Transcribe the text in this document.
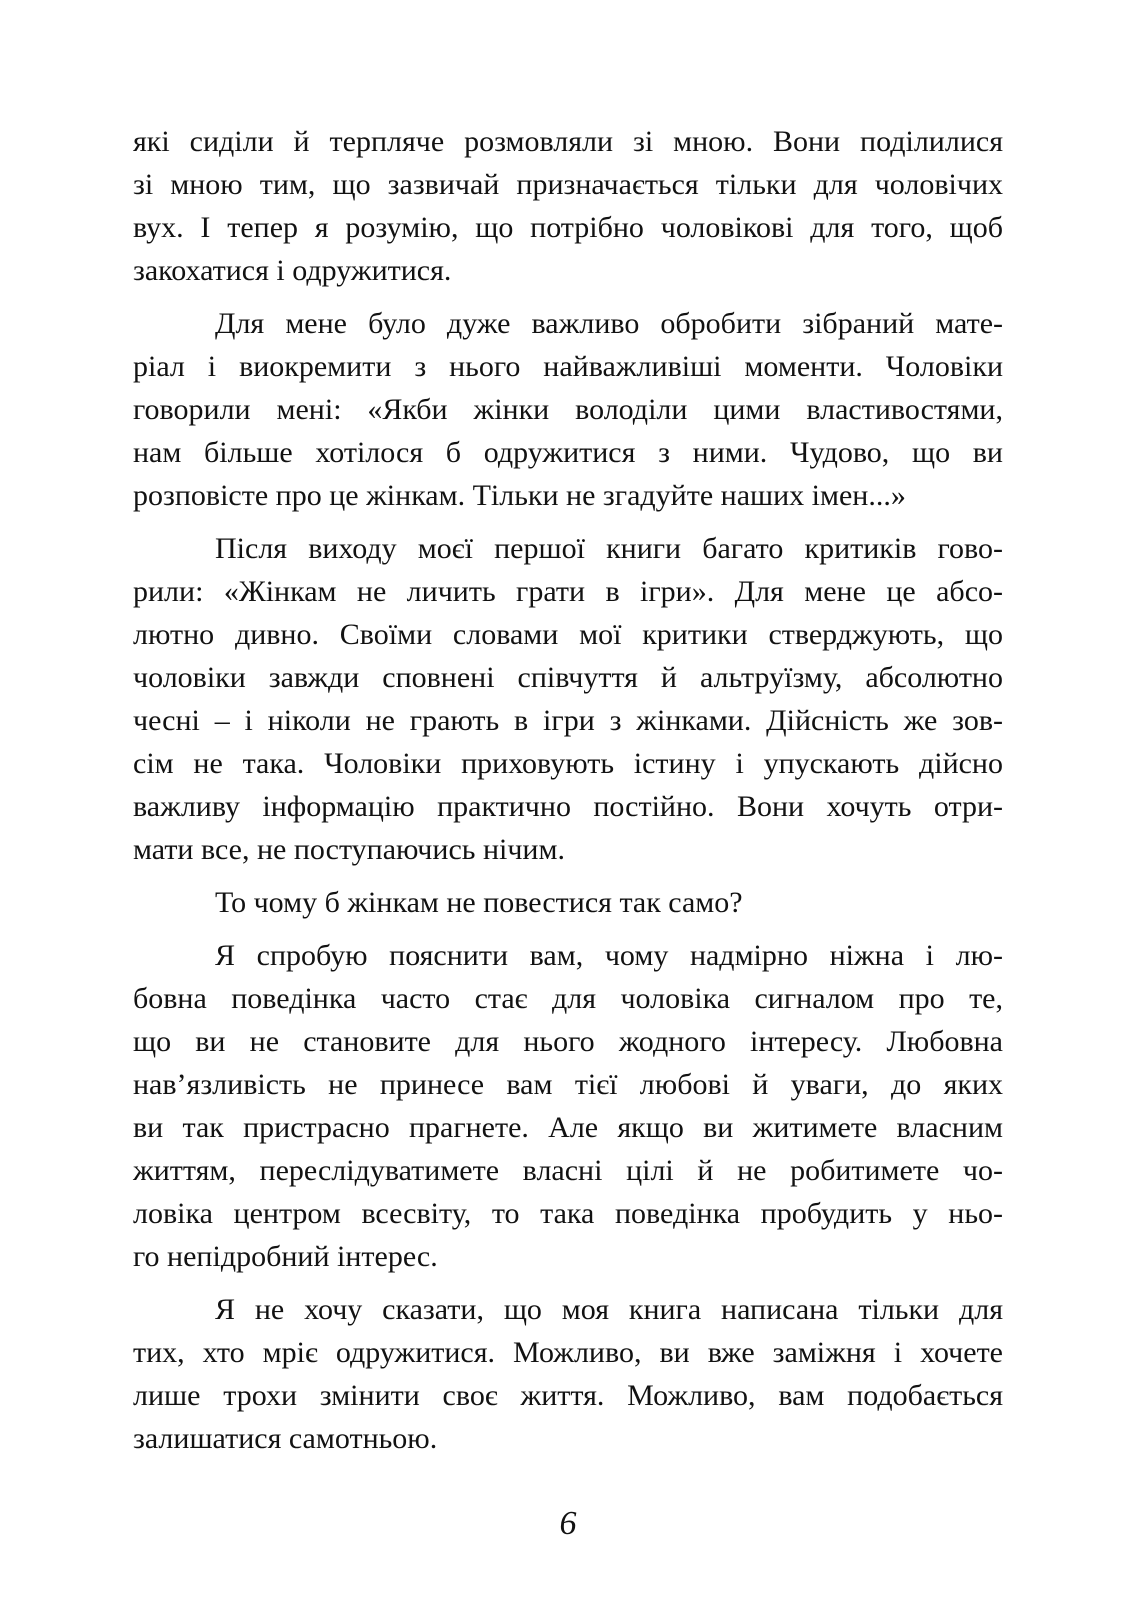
які сиділи й терпляче розмовляли зі мною. Вони поділилися
зі мною тим, що зазвичай призначається тільки для чоловічих
вух. І тепер я розумію, що потрібно чоловікові для того, щоб
закохатися і одружитися.
Для мене було дуже важливо обробити зібраний мате-
ріал і виокремити з нього найважливіші моменти. Чоловіки
говорили мені: «Якби жінки володіли цими властивостями,
нам більше хотілося б одружитися з ними. Чудово, що ви
розповісте про це жінкам. Тільки не згадуйте наших імен...»
Після виходу моєї першої книги багато критиків гово-
рили: «Жінкам не личить грати в ігри». Для мене це абсо-
лютно дивно. Своїми словами мої критики стверджують, що
чоловіки завжди сповнені співчуття й альтруїзму, абсолютно
чесні – і ніколи не грають в ігри з жінками. Дійсність же зов-
сім не така. Чоловіки приховують істину і упускають дійсно
важливу інформацію практично постійно. Вони хочуть отри-
мати все, не поступаючись нічим.
То чому б жінкам не повестися так само?
Я спробую пояснити вам, чому надмірно ніжна і лю-
бовна поведінка часто стає для чоловіка сигналом про те,
що ви не становите для нього жодного інтересу. Любовна
нав’язливість не принесе вам тієї любові й уваги, до яких
ви так пристрасно прагнете. Але якщо ви житимете власним
життям, переслідуватимете власні цілі й не робитимете чо-
ловіка центром всесвіту, то така поведінка пробудить у ньо-
го непідробний інтерес.
Я не хочу сказати, що моя книга написана тільки для
тих, хто мріє одружитися. Можливо, ви вже заміжня і хочете
лише трохи змінити своє життя. Можливо, вам подобається
залишатися самотньою.
6
